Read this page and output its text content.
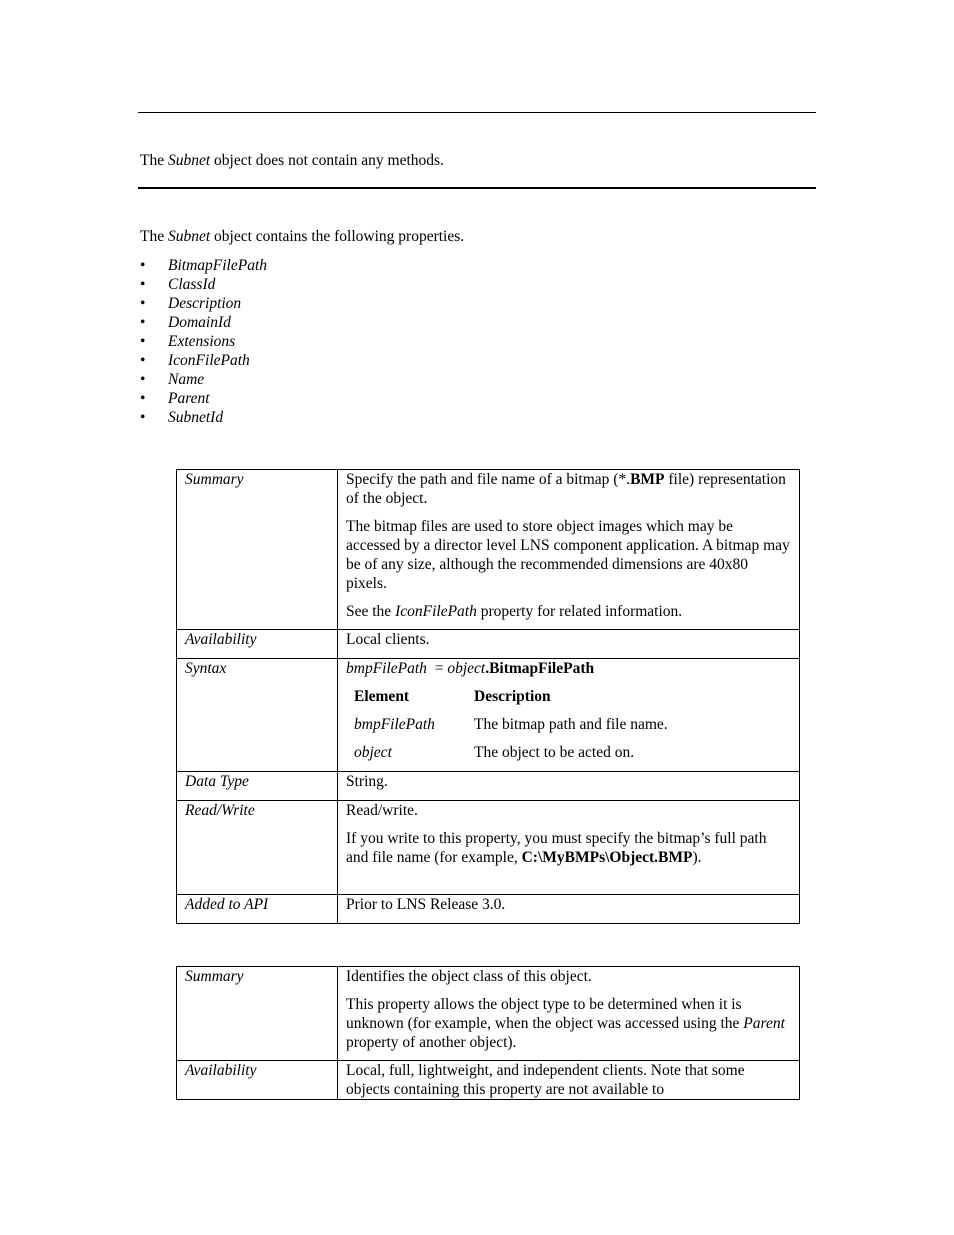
The Subnet object does not contain any methods.

The Subnet object contains the following properties.

• BitmapFilePath
• ClassId
• Description
• DomainId
• Extensions
• IconFilePath
• Name
• Parent
• SubnetId
Summary	Specify the path and file name of a bitmap (*.BMP file) representation of the object.

The bitmap files are used to store object images which may be accessed by a director level LNS component application. A bitmap may be of any size, although the recommended dimensions are 40x80 pixels.

See the IconFilePath property for related information.

Availability	Local clients.

Syntax	bmpFilePath  = object.BitmapFilePath

Element	Description
bmpFilePath	The bitmap path and file name.
object	The object to be acted on.

Data Type	String.

Read/Write	Read/write.

If you write to this property, you must specify the bitmap’s full path and file name (for example, C:\MyBMPs\Object.BMP).

Added to API	Prior to LNS Release 3.0.

Summary	Identifies the object class of this object.

This property allows the object type to be determined when it is unknown (for example, when the object was accessed using the Parent property of another object).

Availability	Local, full, lightweight, and independent clients. Note that some objects containing this property are not available to
